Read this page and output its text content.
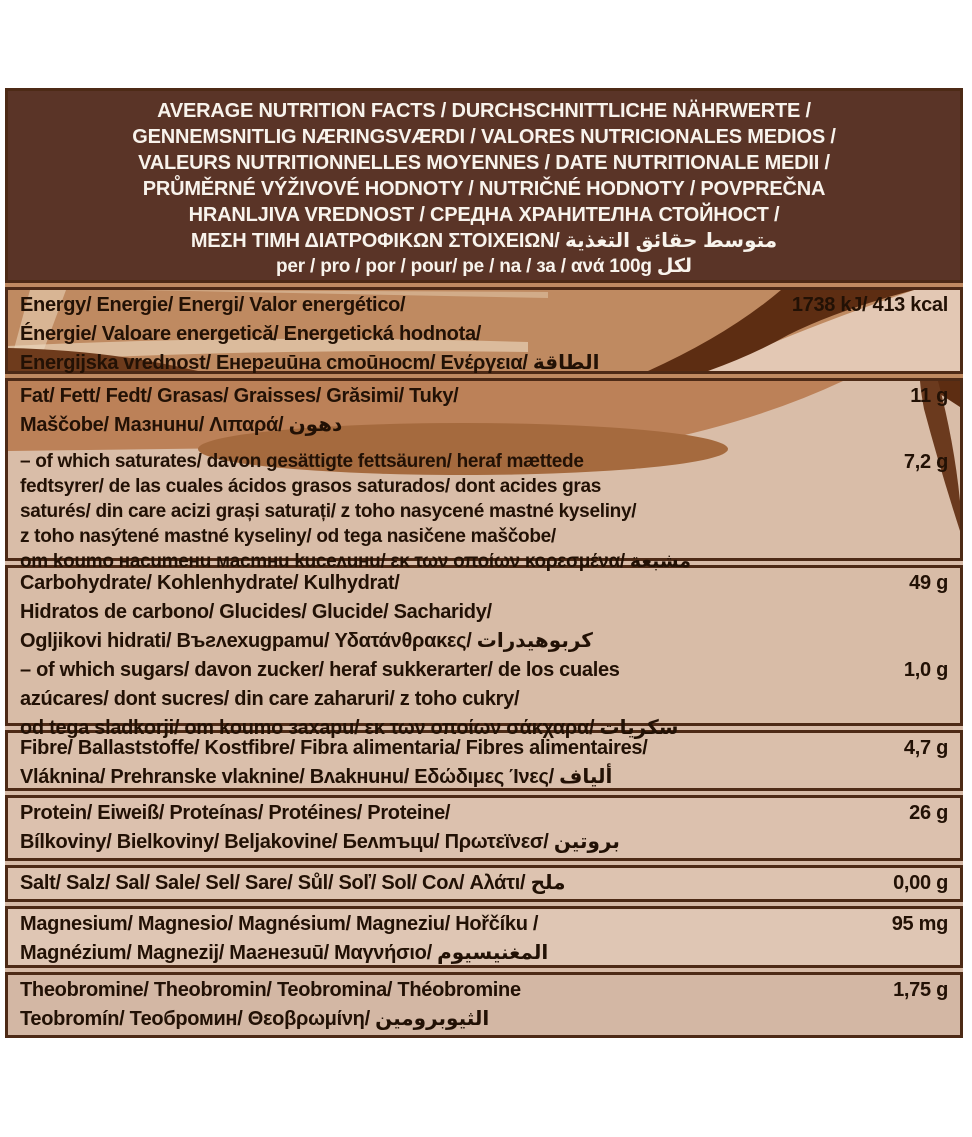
AVERAGE NUTRITION FACTS / DURCHSCHNITTLICHE NÄHRWERTE /
GENNEMSNITLIG NÆRINGSVÆRDI / VALORES NUTRICIONALES MEDIOS /
VALEURS NUTRITIONNELLES MOYENNES / DATE NUTRITIONALE MEDII /
PRŮMĚRNÉ VÝŽIVOVÉ HODNOTY / NUTRIČNÉ HODNOTY / POVPREČNA
HRANLJIVA VREDNOST / СРЕДНА ХРАНИТЕЛНА СТОЙНОСТ /
ΜΕΣΗ ΤΙΜΗ ΔΙΑΤΡΟΦΙΚΩΝ ΣΤΟΙΧΕΙΩΝ/ متوسط حقائق التغذية
per / pro / por / pour/ pe / na / за / ανά 100g لكل
Energy/ Energie/ Energi/ Valor energético/
Énergie/ Valoare energetică/ Energetická hodnota/
Energijska vrednost/ Енерƨuūна сmоūносm/ Ενέργεια/ الطاقة
1738 kJ/ 413 kcal
Fat/ Fett/ Fedt/ Grasas/ Graisses/ Grăsimi/ Tuky/
Maščobe/ Мазнuнu/ Λιπαρά/ دهون
11 g
– of which saturates/ davon gesättigte fettsäuren/ heraf mættede
fedtsyrer/ de las cuales ácidos grasos saturados/ dont acides gras
saturés/ din care acizi grași saturați/ z toho nasycené mastné kyseliny/
z toho nasýtené mastné kyseliny/ od tega nasičene maščobe/
om koumo нacumeнu мacmнu kuceʌuнu/ εκ των οποίων κορεσμένα/ مشبعة
7,2 g
Carbohydrate/ Kohlenhydrate/ Kulhydrat/
Hidratos de carbono/ Glucides/ Glucide/ Sacharidy/
Ogljikovi hidrati/ Въƨʌехugpamu/ Υδατάνθρακες/ كربوهيدرات
49 g
– of which sugars/ davon zucker/ heraf sukkerarter/ de los cuales
azúcares/ dont sucres/ din care zaharuri/ z toho cukry/
od tega sladkorji/ om koumo захapu/ εκ των οποίων σάκχαρα/ سكريات
1,0 g
Fibre/ Ballaststoffe/ Kostfibre/ Fibra alimentaria/ Fibres alimentaires/
Vláknina/ Prehranske vlaknine/ Вʌаkнuнu/ Εδώδιμες Ίνες/ ألياف
4,7 g
Protein/ Eiweiß/ Proteínas/ Protéines/ Proteine/
Bílkoviny/ Bielkoviny/ Beljakovine/ Беʌmъцu/ Πρωτεϊνεσ/ بروتين
26 g
Salt/ Salz/ Sal/ Sale/ Sel/ Sare/ Sůl/ Soľ/ Sol/ Соʌ/ Αλάτι/ ملح	0,00 g
Magnesium/ Magnesio/ Magnésium/ Magneziu/ Hořčíku /
Magnézium/ Magnezij/ Маƨнезuū/ Μαγνήσιο/ المغنيسيوم
95 mg
Theobromine/ Theobromin/ Teobromina/ Théobromine
Teobromín/ Теобромин/ Θεοβρωμίνη/ الثيوبرومين
1,75 g
